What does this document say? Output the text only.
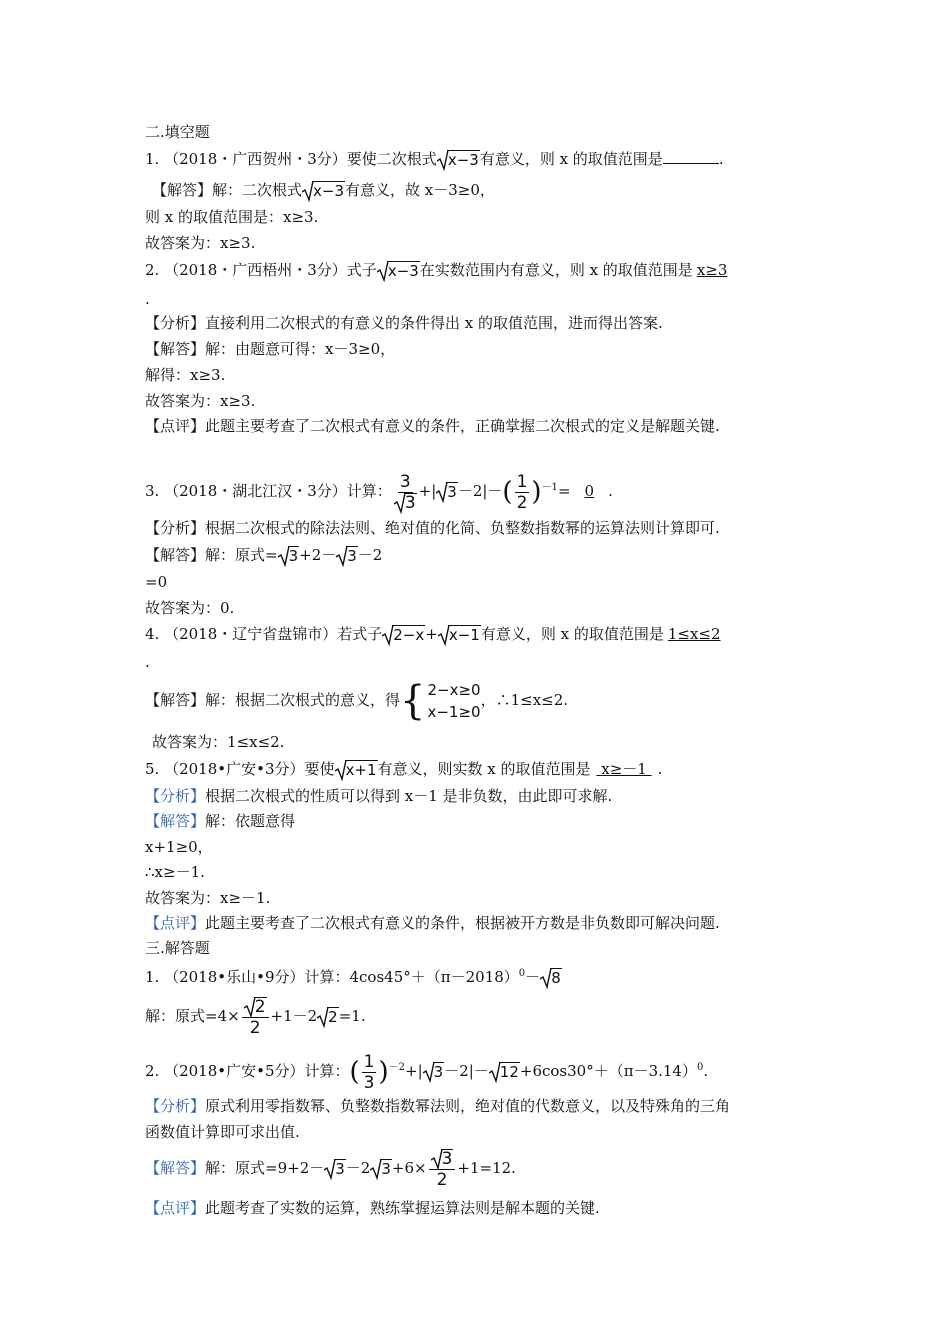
二.填空题
1. （2018・广西贺州・3分）要使二次根式 x−3有意义，则 x 的取值范围是	.
【解答】解：二次根式 x−3有意义，故 x－3≥0，
则 x 的取值范围是：x≥3.
故答案为：x≥3.
2. （2018・广西梧州・3分）式子 x−3在实数范围内有意义，则 x 的取值范围是 x≥3
.
【分析】直接利用二次根式的有意义的条件得出 x 的取值范围，进而得出答案.
【解答】解：由题意可得：x－3≥0，
解得：x≥3.
故答案为：x≥3.
【点评】此题主要考查了二次根式有意义的条件，正确掌握二次根式的定义是解题关键.
3. （2018・湖北江汉・3分）计算： $\frac{3}{3}$ +| $3-2|-( \frac{1}{2} )^{-1}= 0$ .
【分析】根据二次根式的除法法则、绝对值的化简、负整数指数幂的运算法则计算即可.
【解答】解：原式= 3+2－ 3－2
=0
故答案为：0.
4. （2018・辽宁省盘锦市）若式子 2−x+ x−1有意义，则 x 的取值范围是 1≤x≤2
.
【解答】解：根据二次根式的意义，得 { 2−x≥0
x−1≥0
，∴1≤x≤2.
故答案为：1≤x≤2.
5. （2018•广安•3分）要使 x+1有意义，则实数 x 的取值范围是 x≥－1 .
【分析】根据二次根式的性质可以得到 x－1 是非负数，由此即可求解.
【解答】解：依题意得
x+1≥0，
∴x≥－1.
故答案为：x≥－1.
【点评】此题主要考查了二次根式有意义的条件，根据被开方数是非负数即可解决问题.
三.解答题
1. （2018•乐山•9分）计算：$4\cos 45^\circ+(\pi-2018)^0- 8$
解：原式$=4\times \frac{2}{2} +1-2$ 2=1.
2. （2018•广安•5分）计算：( $\frac{1}{3} )^{-2}+|$ $3-2|- 12+6\cos 30^\circ+(\pi-3.14)^0$.
【分析】原式利用零指数幂、负整数指数幂法则，绝对值的代数意义，以及特殊角的三角
函数值计算即可求出值.
【解答】解：原式=9+2－ 3－2 $3+6\times \frac{3}{2} +1=12$.
【点评】此题考查了实数的运算，熟练掌握运算法则是解本题的关键.
